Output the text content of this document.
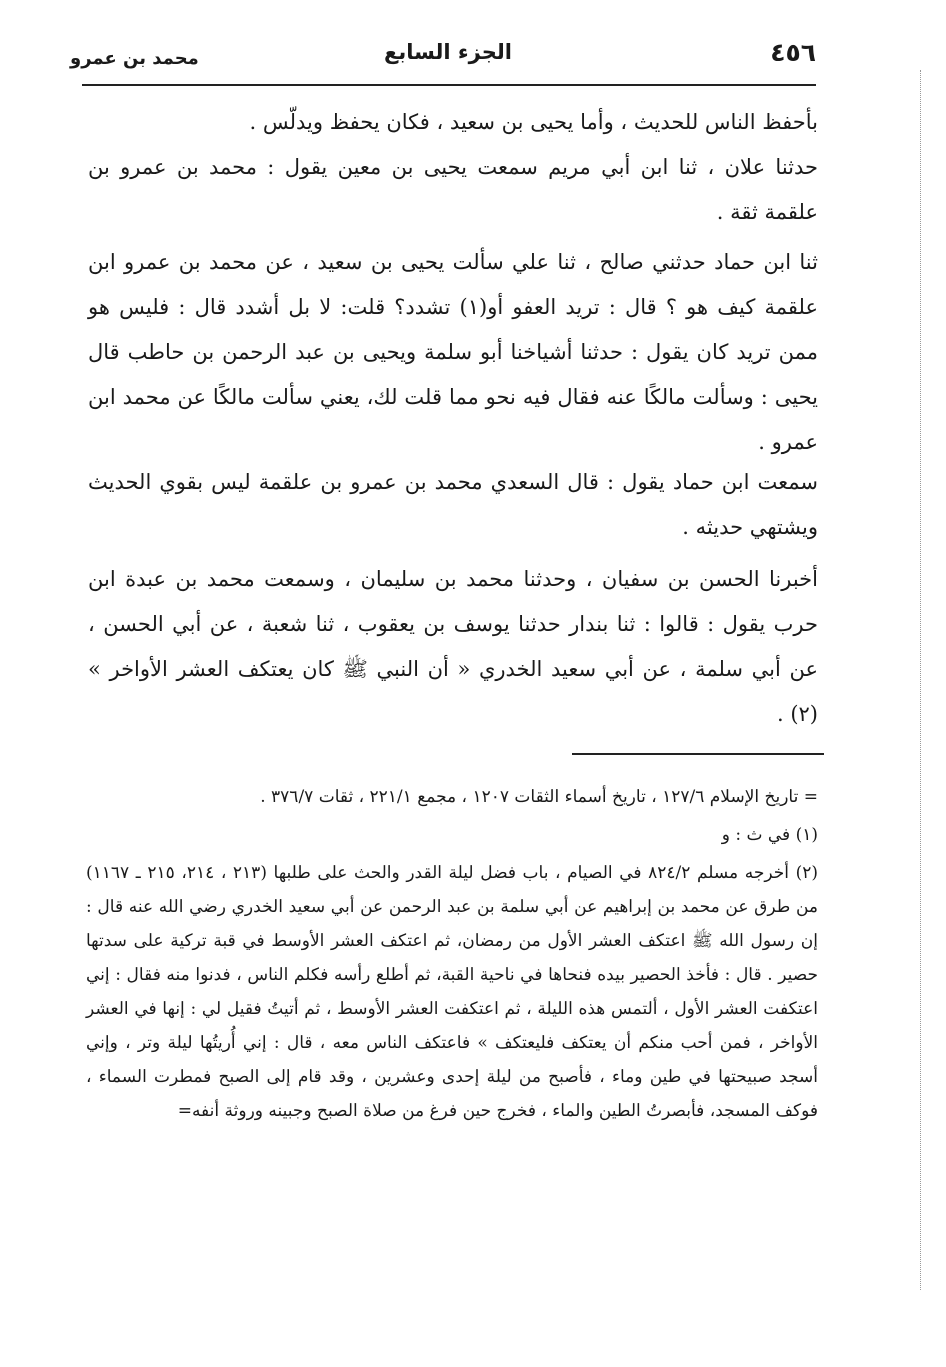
٤٥٦
الجزء السابع
محمد بن عمرو

بأحفظ الناس للحديث ، وأما يحيى بن سعيد ، فكان يحفظ ويدلّس .

حدثنا علان ، ثنا ابن أبي مريم سمعت يحيى بن معين يقول : محمد بن عمرو بن علقمة ثقة .

ثنا ابن حماد حدثني صالح ، ثنا علي سألت يحيى بن سعيد ، عن محمد بن عمرو ابن علقمة كيف هو ؟ قال : تريد العفو أو(١) تشدد؟ قلت: لا بل أشدد قال : فليس هو ممن تريد كان يقول : حدثنا أشياخنا أبو سلمة ويحيى بن عبد الرحمن بن حاطب قال يحيى : وسألت مالكًا عنه فقال فيه نحو مما قلت لك، يعني سألت مالكًا عن محمد ابن عمرو .

سمعت ابن حماد يقول : قال السعدي محمد بن عمرو بن علقمة ليس بقوي الحديث ويشتهي حديثه .

أخبرنا الحسن بن سفيان ، وحدثنا محمد بن سليمان ، وسمعت محمد بن عبدة ابن حرب يقول : قالوا : ثنا بندار حدثنا يوسف بن يعقوب ، ثنا شعبة ، عن أبي الحسن ، عن أبي سلمة ، عن أبي سعيد الخدري « أن النبي ﷺ كان يعتكف العشر الأواخر » (٢) .

= تاريخ الإسلام ١٢٧/٦ ، تاريخ أسماء الثقات ١٢٠٧ ، مجمع ٢٢١/١ ، ثقات ٣٧٦/٧ .

(١) في ث : و

(٢) أخرجه مسلم ٨٢٤/٢ في الصيام ، باب فضل ليلة القدر والحث على طلبها (٢١٣ ، ٢١٤، ٢١٥ ـ ١١٦٧) من طرق عن محمد بن إبراهيم عن أبي سلمة بن عبد الرحمن عن أبي سعيد الخدري رضي الله عنه قال : إن رسول الله ﷺ اعتكف العشر الأول من رمضان، ثم اعتكف العشر الأوسط في قبة تركية على سدتها حصير . قال : فأخذ الحصير بيده فنحاها في ناحية القبة، ثم أطلع رأسه فكلم الناس ، فدنوا منه فقال : إني اعتكفت العشر الأول ، ألتمس هذه الليلة ، ثم اعتكفت العشر الأوسط ، ثم أتيتُ فقيل لي : إنها في العشر الأواخر ، فمن أحب منكم أن يعتكف فليعتكف » فاعتكف الناس معه ، قال : إني أُريتُها ليلة وتر ، وإني أسجد صبيحتها في طين وماء ، فأصبح من ليلة إحدى وعشرين ، وقد قام إلى الصبح فمطرت السماء ، فوكف المسجد، فأبصرتُ الطين والماء ، فخرج حين فرغ من صلاة الصبح وجبينه وروثة أنفه=
